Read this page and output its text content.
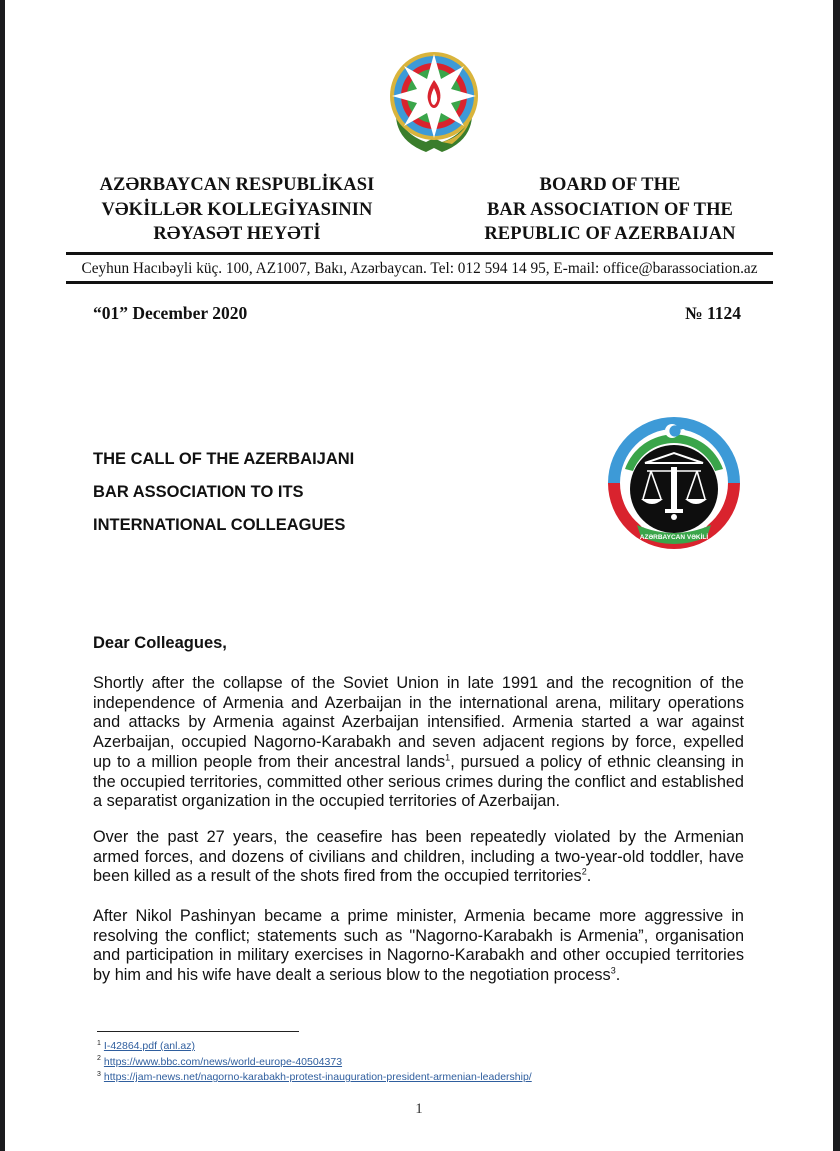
AZƏRBAYCAN RESPUBLİKASI
VƏKİLLƏR KOLLEGİYASININ
RƏYASƏT HEYƏTİ
BOARD OF THE
BAR ASSOCIATION OF THE
REPUBLIC OF AZERBAIJAN
Ceyhun Hacıbəyli küç. 100, AZ1007, Bakı, Azərbaycan. Tel: 012 594 14 95, E-mail: office@barassociation.az
“01” December 2020	№ 1124
THE CALL OF THE AZERBAIJANI
BAR ASSOCIATION TO ITS
INTERNATIONAL COLLEAGUES
AZƏRBAYCAN VƏKİLİ
Dear Colleagues,

Shortly after the collapse of the Soviet Union in late 1991 and the recognition of the independence of Armenia and Azerbaijan in the international arena, military operations and attacks by Armenia against Azerbaijan intensified. Armenia started a war against Azerbaijan, occupied Nagorno-Karabakh and seven adjacent regions by force, expelled up to a million people from their ancestral lands$^1$, pursued a policy of ethnic cleansing in the occupied territories, committed other serious crimes during the conflict and established a separatist organization in the occupied territories of Azerbaijan.

Over the past 27 years, the ceasefire has been repeatedly violated by the Armenian armed forces, and dozens of civilians and children, including a two-year-old toddler, have been killed as a result of the shots fired from the occupied territories$^2$.

After Nikol Pashinyan became a prime minister, Armenia became more aggressive in resolving the conflict; statements such as "Nagorno-Karabakh is Armenia”, organisation and participation in military exercises in Nagorno-Karabakh and other occupied territories by him and his wife have dealt a serious blow to the negotiation process$^3$.

$^1$ I-42864.pdf (anl.az)
$^2$ https://www.bbc.com/news/world-europe-40504373
$^3$ https://jam-news.net/nagorno-karabakh-protest-inauguration-president-armenian-leadership/
1
